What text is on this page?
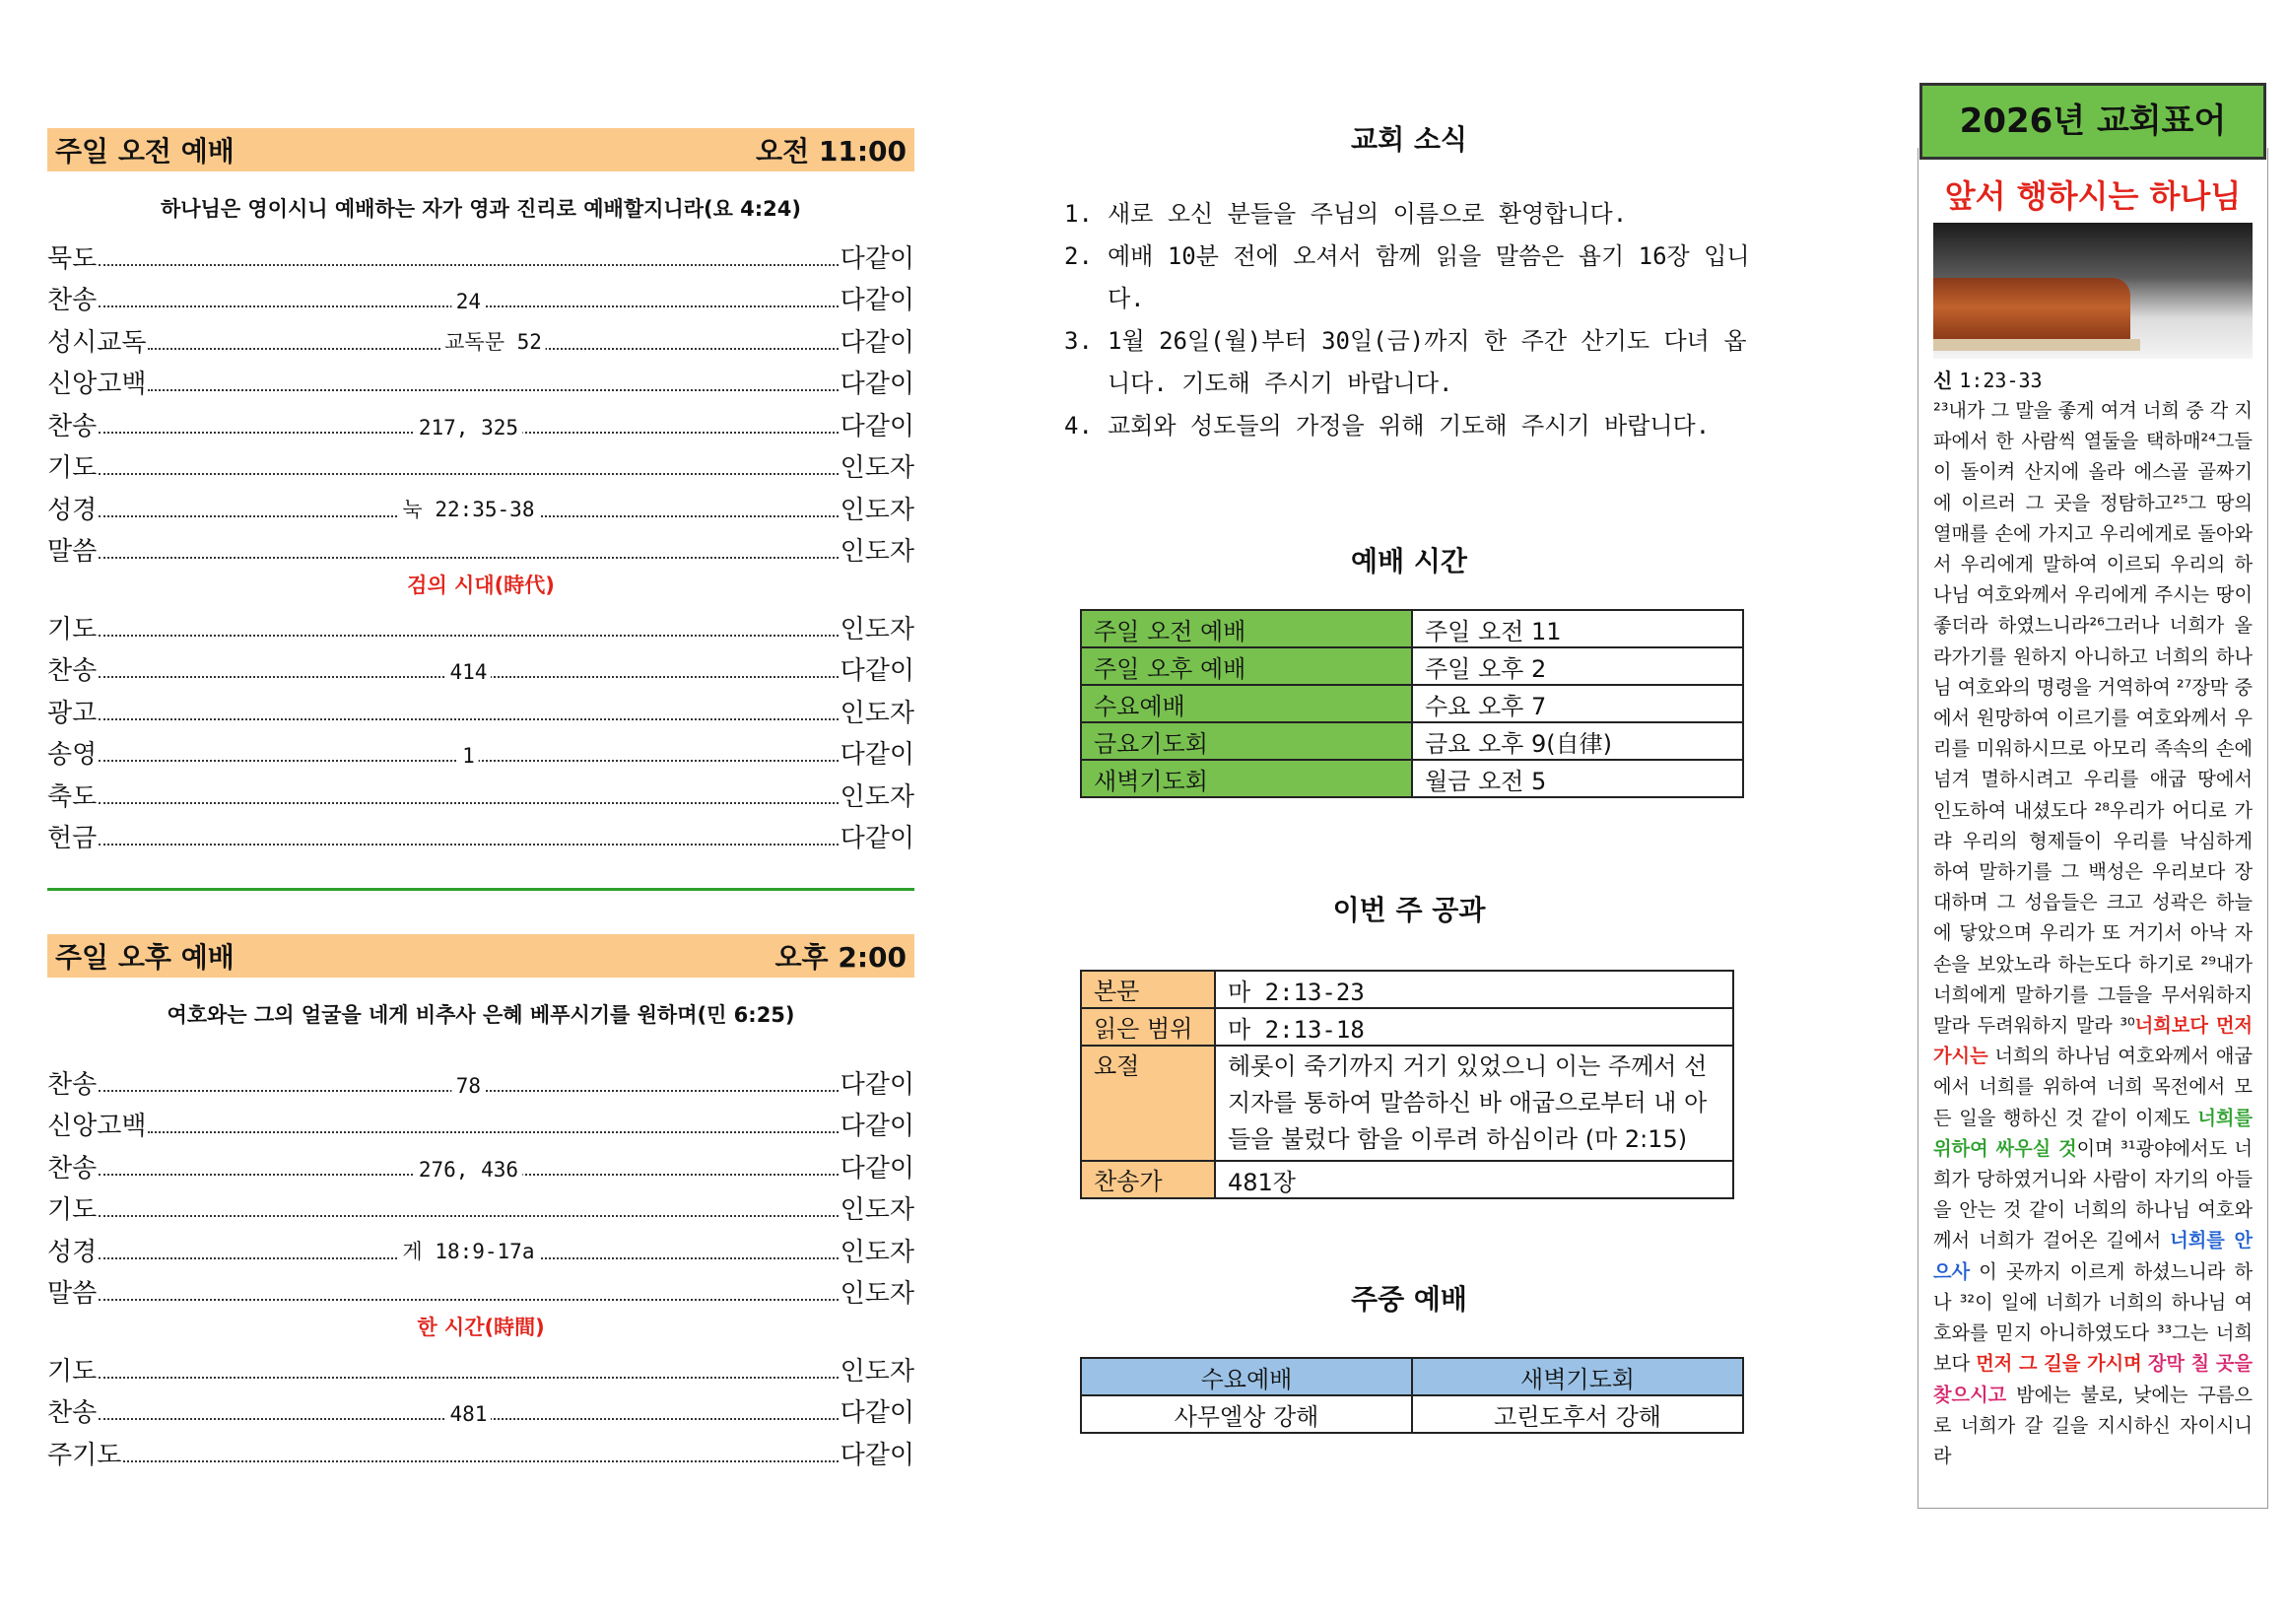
주일 오전 예배	오전 11:00
하나님은 영이시니 예배하는 자가 영과 진리로 예배할지니라(요 4:24)
묵도	다같이
찬송	24	다같이
성시교독	교독문 52	다같이
신앙고백	다같이
찬송	217, 325	다같이
기도	인도자
성경	눅 22:35-38	인도자
말씀	인도자
검의 시대(時代)
기도	인도자
찬송	414	다같이
광고	인도자
송영	1	다같이
축도	인도자
헌금	다같이
주일 오후 예배	오후 2:00
여호와는 그의 얼굴을 네게 비추사 은혜 베푸시기를 원하며(민 6:25)
찬송	78	다같이
신앙고백	다같이
찬송	276, 436	다같이
기도	인도자
성경	게 18:9-17a	인도자
말씀	인도자
한 시간(時間)
기도	인도자
찬송	481	다같이
주기도	다같이
교회 소식
1. 새로 오신 분들을 주님의 이름으로 환영합니다.
2. 예배 10분 전에 오셔서 함께 읽을 말씀은 욥기 16장 입니다.
3. 1월 26일(월)부터 30일(금)까지 한 주간 산기도 다녀 옵니다. 기도해 주시기 바랍니다.
4. 교회와 성도들의 가정을 위해 기도해 주시기 바랍니다.
예배 시간
주일 오전 예배	주일 오전 11
주일 오후 예배	주일 오후 2
수요예배	수요 오후 7
금요기도회	금요 오후 9(自律)
새벽기도회	월금 오전 5
이번 주 공과
본문	마 2:13-23
읽은 범위	마 2:13-18
요절	헤롯이 죽기까지 거기 있었으니 이는 주께서 선지자를 통하여 말씀하신 바 애굽으로부터 내 아들을 불렀다 함을 이루려 하심이라 (마 2:15)
찬송가	481장
주중 예배
수요예배	새벽기도회
사무엘상 강해	고린도후서 강해
2026년 교회표어
앞서 행하시는 하나님
신 1:23-33
²³내가 그 말을 좋게 여겨 너희 중 각 지파에서 한 사람씩 열둘을 택하매²⁴그들이 돌이켜 산지에 올라 에스골 골짜기에 이르러 그 곳을 정탐하고²⁵그 땅의 열매를 손에 가지고 우리에게로 돌아와서 우리에게 말하여 이르되 우리의 하나님 여호와께서 우리에게 주시는 땅이 좋더라 하였느니라²⁶그러나 너희가 올라가기를 원하지 아니하고 너희의 하나님 여호와의 명령을 거역하여 ²⁷장막 중에서 원망하여 이르기를 여호와께서 우리를 미워하시므로 아모리 족속의 손에 넘겨 멸하시려고 우리를 애굽 땅에서 인도하여 내셨도다 ²⁸우리가 어디로 가랴 우리의 형제들이 우리를 낙심하게 하여 말하기를 그 백성은 우리보다 장대하며 그 성읍들은 크고 성곽은 하늘에 닿았으며 우리가 또 거기서 아낙 자손을 보았노라 하는도다 하기로 ²⁹내가 너희에게 말하기를 그들을 무서워하지 말라 두려워하지 말라 ³⁰너희보다 먼저 가시는 너희의 하나님 여호와께서 애굽에서 너희를 위하여 너희 목전에서 모든 일을 행하신 것 같이 이제도 너희를 위하여 싸우실 것이며 ³¹광야에서도 너희가 당하였거니와 사람이 자기의 아들을 안는 것 같이 너희의 하나님 여호와께서 너희가 걸어온 길에서 너희를 안으사 이 곳까지 이르게 하셨느니라 하나 ³²이 일에 너희가 너희의 하나님 여호와를 믿지 아니하였도다 ³³그는 너희보다 먼저 그 길을 가시며 장막 칠 곳을 찾으시고 밤에는 불로, 낮에는 구름으로 너희가 갈 길을 지시하신 자이시니라
